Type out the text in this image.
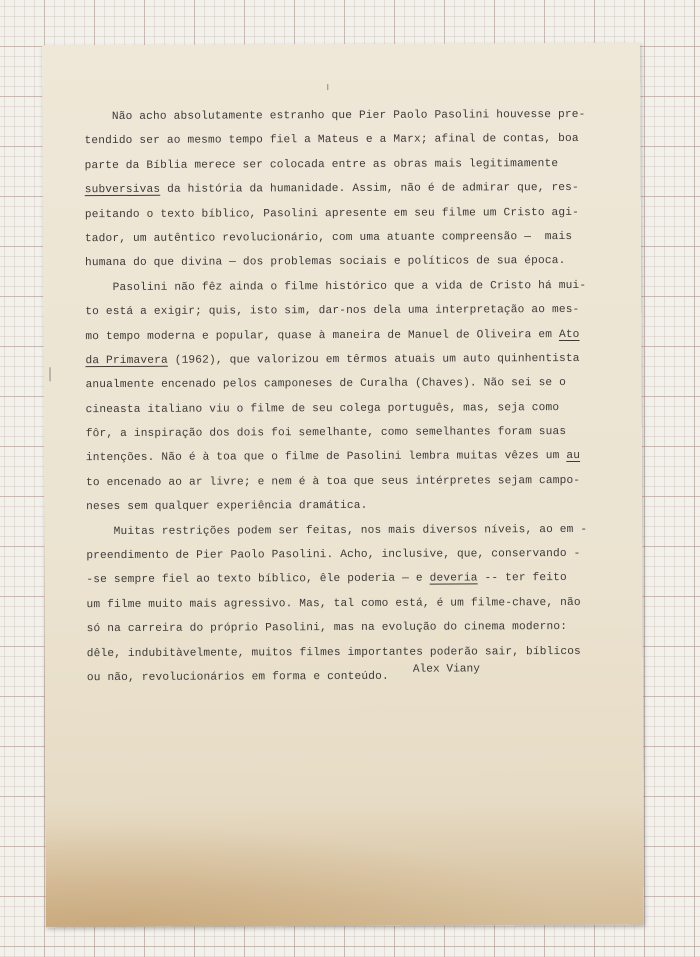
Não acho absolutamente estranho que Pier Paolo Pasolini houvesse pre-
tendido ser ao mesmo tempo fiel a Mateus e a Marx; afinal de contas, boa
parte da Bíblia merece ser colocada entre as obras mais legitimamente
subversivas da história da humanidade. Assim, não é de admirar que, res-
peitando o texto bíblico, Pasolini apresente em seu filme um Cristo agi-
tador, um autêntico revolucionário, com uma atuante compreensão —  mais
humana do que divina — dos problemas sociais e políticos de sua época.
Pasolini não fêz ainda o filme histórico que a vida de Cristo há mui-
to está a exigir; quis, isto sim, dar-nos dela uma interpretação ao mes-
mo tempo moderna e popular, quase à maneira de Manuel de Oliveira em Ato
da Primavera (1962), que valorizou em têrmos atuais um auto quinhentista
anualmente encenado pelos camponeses de Curalha (Chaves). Não sei se o
cineasta italiano viu o filme de seu colega português, mas, seja como
fôr, a inspiração dos dois foi semelhante, como semelhantes foram suas
intenções. Não é à toa que o filme de Pasolini lembra muitas vêzes um au
to encenado ao ar livre; e nem é à toa que seus intérpretes sejam campo-
neses sem qualquer experiência dramática.
Muitas restrições podem ser feitas, nos mais diversos níveis, ao em -
preendimento de Pier Paolo Pasolini. Acho, inclusive, que, conservando -
-se sempre fiel ao texto bíblico, êle poderia — e deveria -- ter feito
um filme muito mais agressivo. Mas, tal como está, é um filme-chave, não
só na carreira do próprio Pasolini, mas na evolução do cinema moderno:
dêle, indubitàvelmente, muitos filmes importantes poderão sair, bíblicos
ou não, revolucionários em forma e conteúdo.
Alex Viany
